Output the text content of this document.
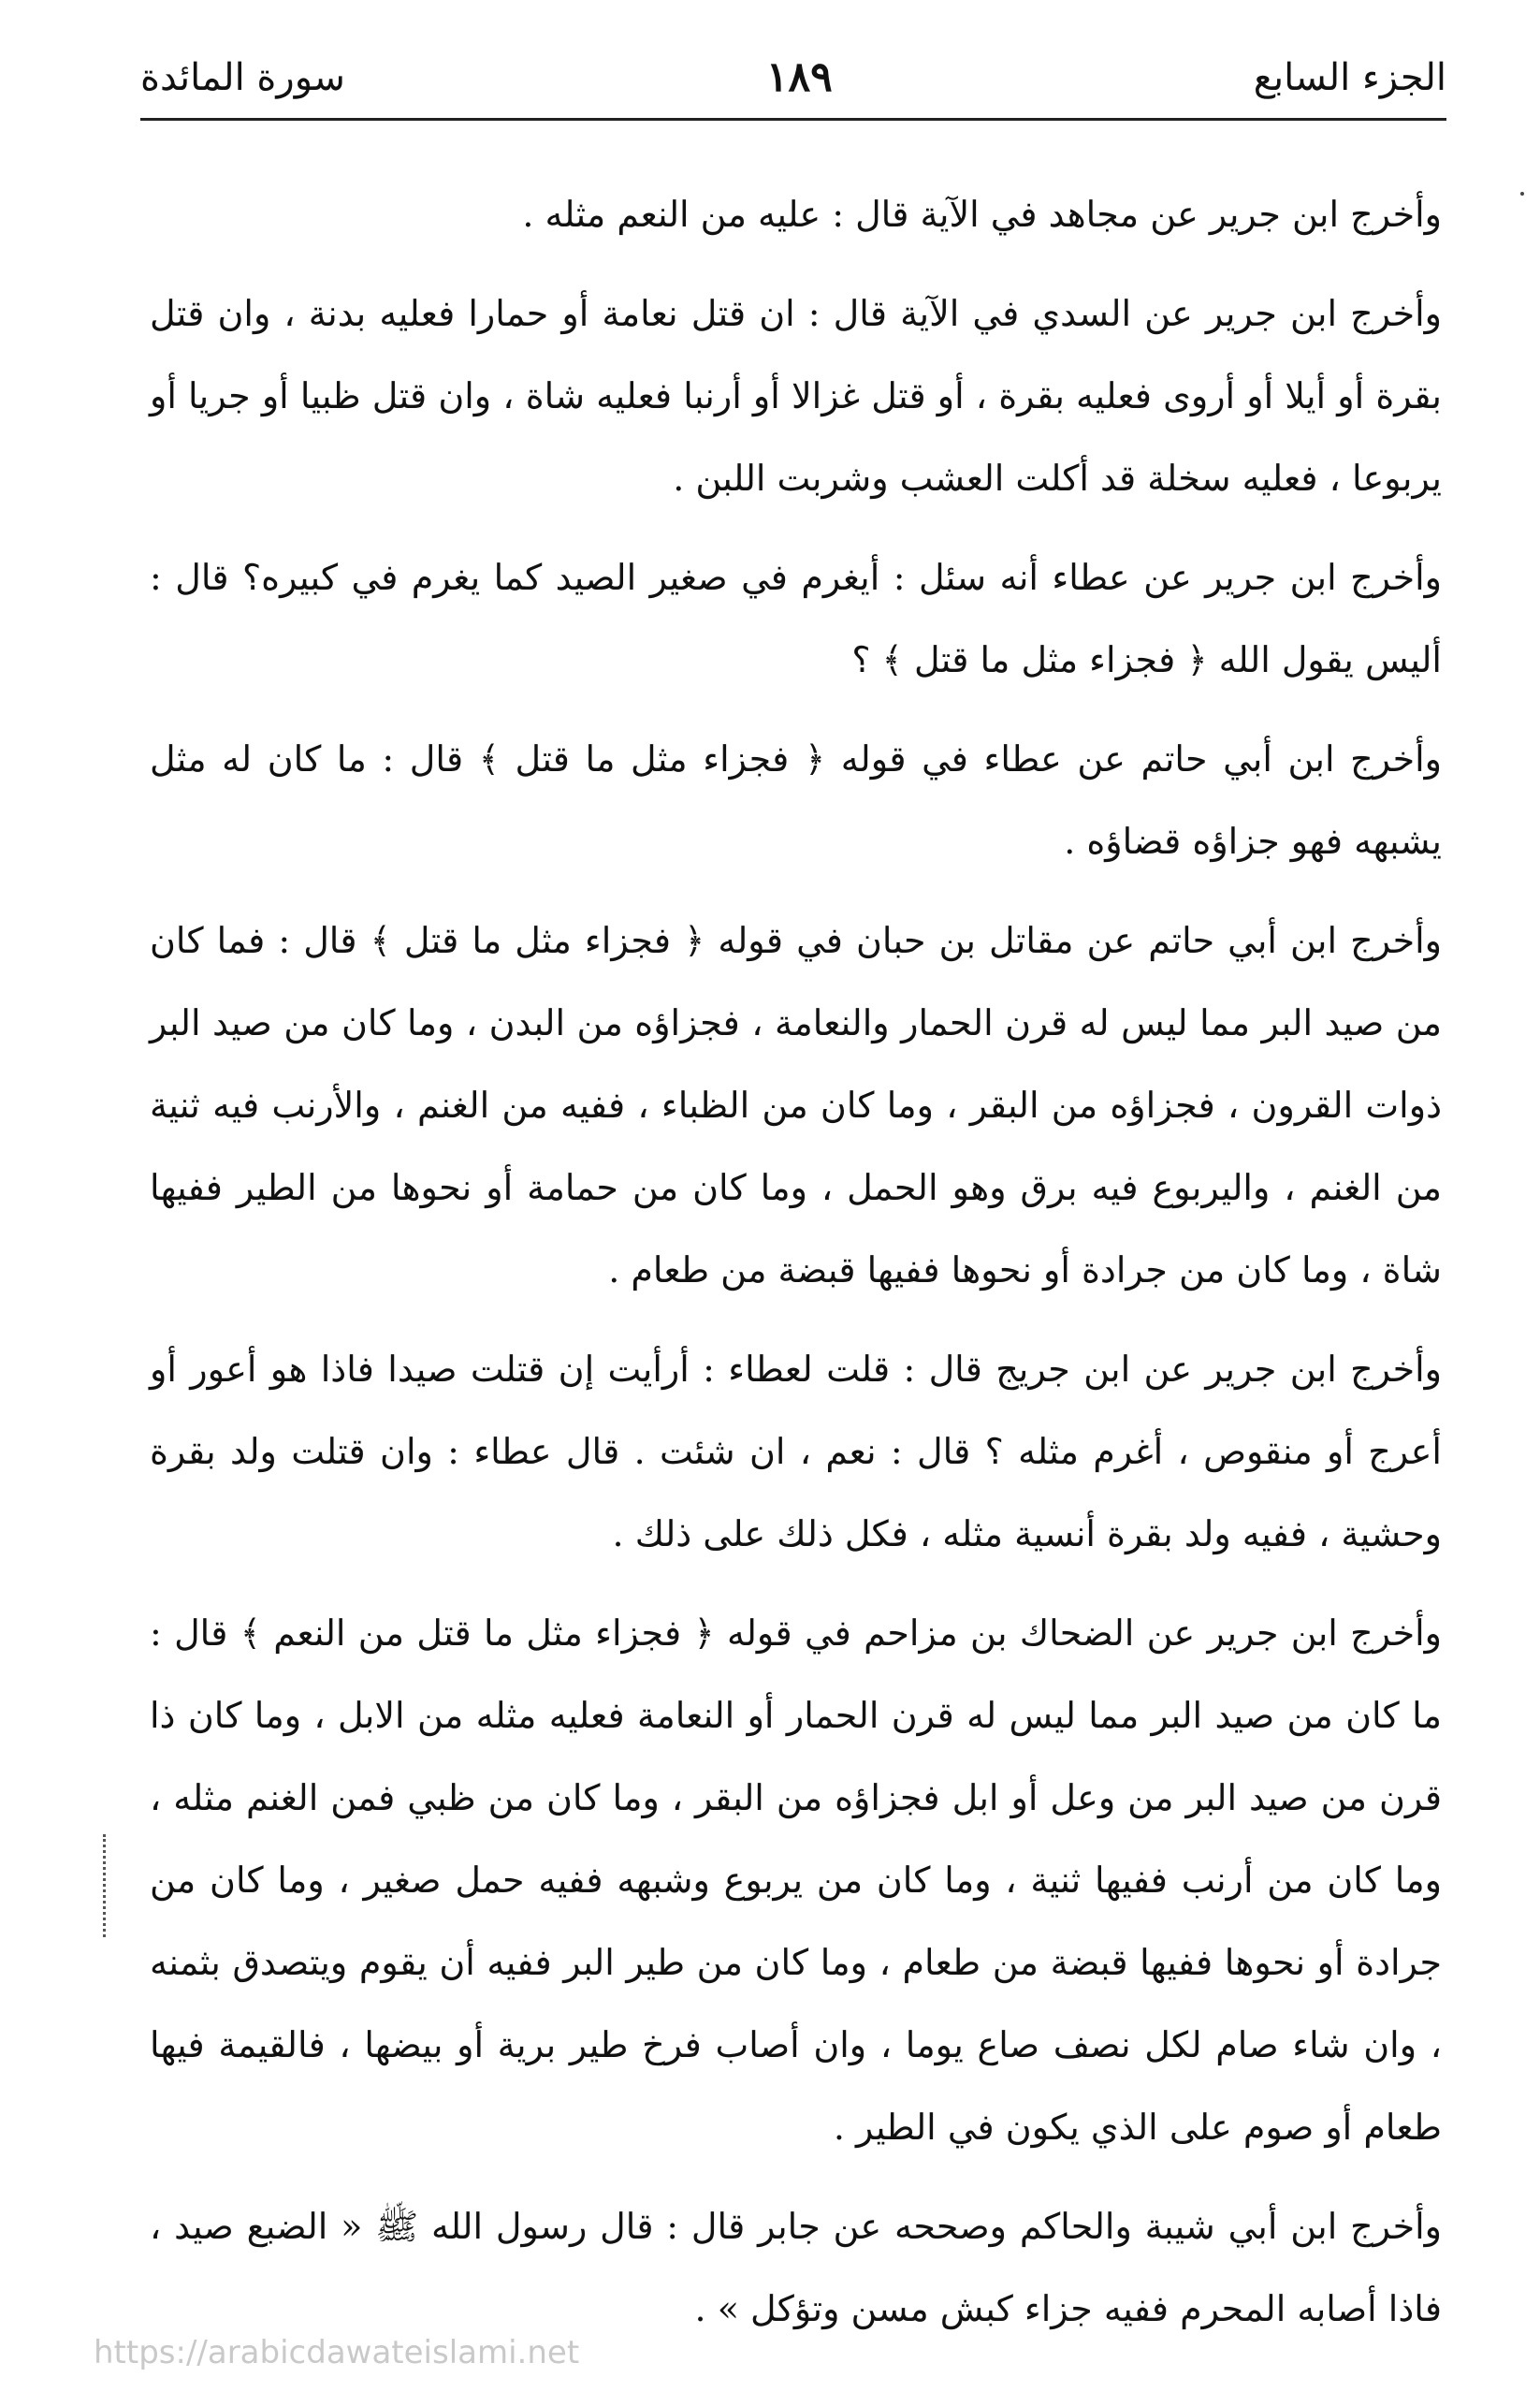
الجزء السابع
١٨٩
سورة المائدة

وأخرج ابن جرير عن مجاهد في الآية قال : عليه من النعم مثله .

وأخرج ابن جرير عن السدي في الآية قال : ان قتل نعامة أو حمارا فعليه بدنة ، وان قتل بقرة أو أيلا أو أروى فعليه بقرة ، أو قتل غزالا أو أرنبا فعليه شاة ، وان قتل ظبيا أو جريا أو يربوعا ، فعليه سخلة قد أكلت العشب وشربت اللبن .

وأخرج ابن جرير عن عطاء أنه سئل : أيغرم في صغير الصيد كما يغرم في كبيره؟ قال : أليس يقول الله ﴿ فجزاء مثل ما قتل ﴾ ؟

وأخرج ابن أبي حاتم عن عطاء في قوله ﴿ فجزاء مثل ما قتل ﴾ قال : ما كان له مثل يشبهه فهو جزاؤه قضاؤه .

وأخرج ابن أبي حاتم عن مقاتل بن حبان في قوله ﴿ فجزاء مثل ما قتل ﴾ قال : فما كان من صيد البر مما ليس له قرن الحمار والنعامة ، فجزاؤه من البدن ، وما كان من صيد البر ذوات القرون ، فجزاؤه من البقر ، وما كان من الظباء ، ففيه من الغنم ، والأرنب فيه ثنية من الغنم ، واليربوع فيه برق وهو الحمل ، وما كان من حمامة أو نحوها من الطير ففيها شاة ، وما كان من جرادة أو نحوها ففيها قبضة من طعام .

وأخرج ابن جرير عن ابن جريج قال : قلت لعطاء : أرأيت إن قتلت صيدا فاذا هو أعور أو أعرج أو منقوص ، أغرم مثله ؟ قال : نعم ، ان شئت . قال عطاء : وان قتلت ولد بقرة وحشية ، ففيه ولد بقرة أنسية مثله ، فكل ذلك على ذلك .

وأخرج ابن جرير عن الضحاك بن مزاحم في قوله ﴿ فجزاء مثل ما قتل من النعم ﴾ قال : ما كان من صيد البر مما ليس له قرن الحمار أو النعامة فعليه مثله من الابل ، وما كان ذا قرن من صيد البر من وعل أو ابل فجزاؤه من البقر ، وما كان من ظبي فمن الغنم مثله ، وما كان من أرنب ففيها ثنية ، وما كان من يربوع وشبهه ففيه حمل صغير ، وما كان من جرادة أو نحوها ففيها قبضة من طعام ، وما كان من طير البر ففيه أن يقوم ويتصدق بثمنه ، وان شاء صام لكل نصف صاع يوما ، وان أصاب فرخ طير برية أو بيضها ، فالقيمة فيها طعام أو صوم على الذي يكون في الطير .

وأخرج ابن أبي شيبة والحاكم وصححه عن جابر قال : قال رسول الله ﷺ « الضبع صيد ، فاذا أصابه المحرم ففيه جزاء كبش مسن وتؤكل » .

https://arabicdawateislami.net
